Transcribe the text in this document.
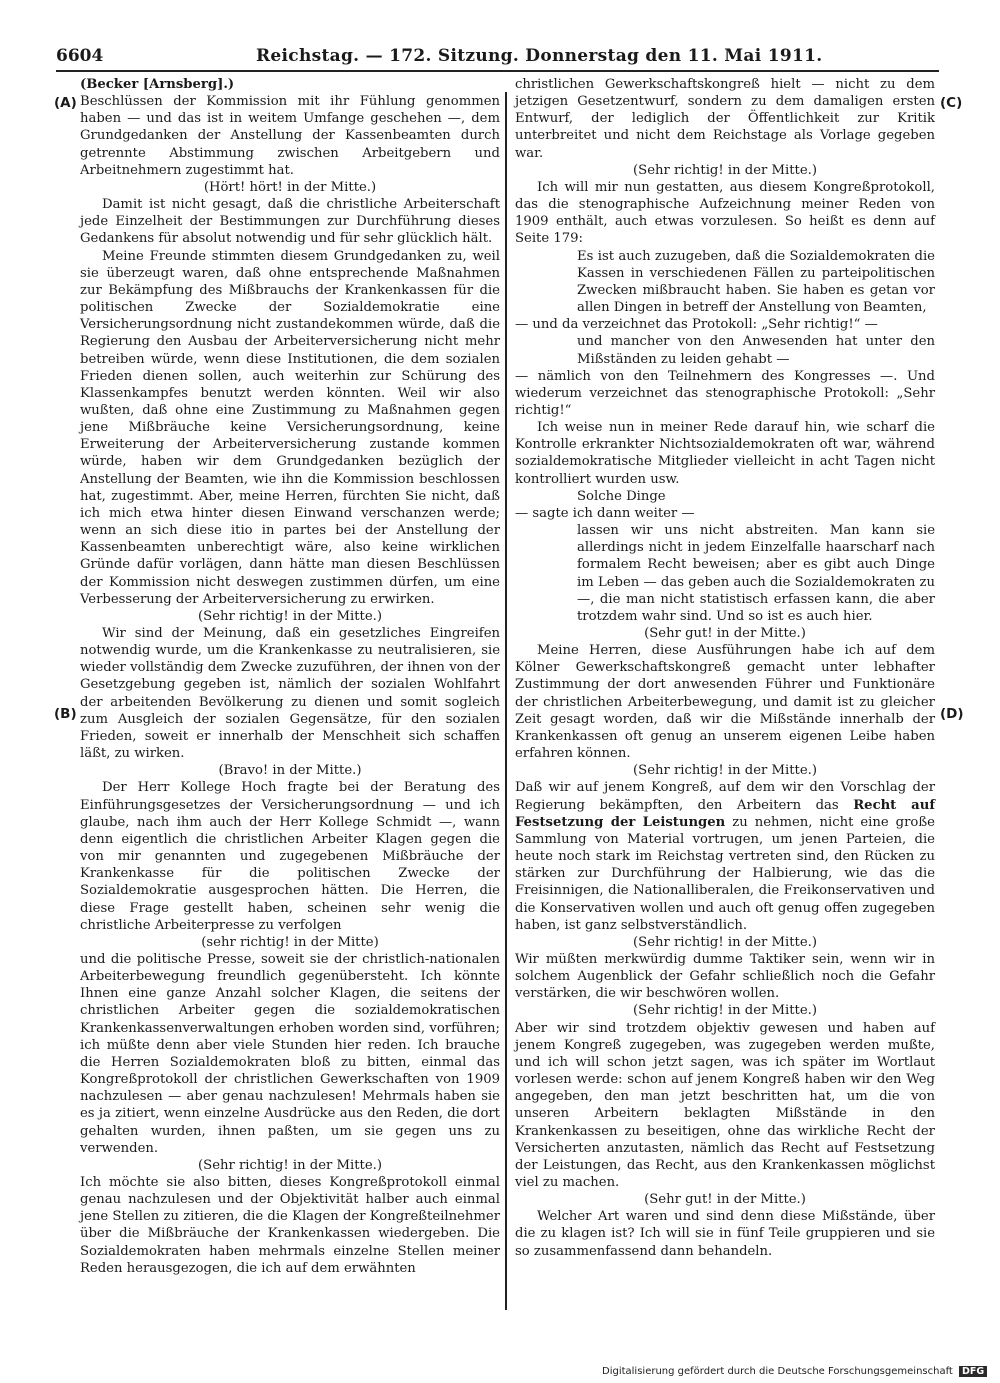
6604	Reichstag. — 172. Sitzung. Donnerstag den 11. Mai 1911.
(A)
(B)
(C)
(D)

(Becker [Arnsberg].)

Beschlüssen der Kommission mit ihr Fühlung genommen haben — und das ist in weitem Umfange geschehen —, dem Grundgedanken der Anstellung der Kassenbeamten durch getrennte Abstimmung zwischen Arbeitgebern und Arbeitnehmern zugestimmt hat.

(Hört! hört! in der Mitte.)

Damit ist nicht gesagt, daß die christliche Arbeiterschaft jede Einzelheit der Bestimmungen zur Durchführung dieses Gedankens für absolut notwendig und für sehr glücklich hält.

Meine Freunde stimmten diesem Grundgedanken zu, weil sie überzeugt waren, daß ohne entsprechende Maßnahmen zur Bekämpfung des Mißbrauchs der Krankenkassen für die politischen Zwecke der Sozialdemokratie eine Versicherungsordnung nicht zustandekommen würde, daß die Regierung den Ausbau der Arbeiterversicherung nicht mehr betreiben würde, wenn diese Institutionen, die dem sozialen Frieden dienen sollen, auch weiterhin zur Schürung des Klassenkampfes benutzt werden könnten. Weil wir also wußten, daß ohne eine Zustimmung zu Maßnahmen gegen jene Mißbräuche keine Versicherungsordnung, keine Erweiterung der Arbeiterversicherung zustande kommen würde, haben wir dem Grundgedanken bezüglich der Anstellung der Beamten, wie ihn die Kommission beschlossen hat, zugestimmt. Aber, meine Herren, fürchten Sie nicht, daß ich mich etwa hinter diesen Einwand verschanzen werde; wenn an sich diese itio in partes bei der Anstellung der Kassenbeamten unberechtigt wäre, also keine wirklichen Gründe dafür vorlägen, dann hätte man diesen Beschlüssen der Kommission nicht deswegen zustimmen dürfen, um eine Verbesserung der Arbeiterversicherung zu erwirken.

(Sehr richtig! in der Mitte.)

Wir sind der Meinung, daß ein gesetzliches Eingreifen notwendig wurde, um die Krankenkasse zu neutralisieren, sie wieder vollständig dem Zwecke zuzuführen, der ihnen von der Gesetzgebung gegeben ist, nämlich der sozialen Wohlfahrt der arbeitenden Bevölkerung zu dienen und somit sogleich zum Ausgleich der sozialen Gegensätze, für den sozialen Frieden, soweit er innerhalb der Menschheit sich schaffen läßt, zu wirken.

(Bravo! in der Mitte.)

Der Herr Kollege Hoch fragte bei der Beratung des Einführungsgesetzes der Versicherungsordnung — und ich glaube, nach ihm auch der Herr Kollege Schmidt —, wann denn eigentlich die christlichen Arbeiter Klagen gegen die von mir genannten und zugegebenen Mißbräuche der Krankenkasse für die politischen Zwecke der Sozialdemokratie ausgesprochen hätten. Die Herren, die diese Frage gestellt haben, scheinen sehr wenig die christliche Arbeiterpresse zu verfolgen

(sehr richtig! in der Mitte)

und die politische Presse, soweit sie der christlich-nationalen Arbeiterbewegung freundlich gegenübersteht. Ich könnte Ihnen eine ganze Anzahl solcher Klagen, die seitens der christlichen Arbeiter gegen die sozialdemokratischen Krankenkassenverwaltungen erhoben worden sind, vorführen; ich müßte denn aber viele Stunden hier reden. Ich brauche die Herren Sozialdemokraten bloß zu bitten, einmal das Kongreßprotokoll der christlichen Gewerkschaften von 1909 nachzulesen — aber genau nachzulesen! Mehrmals haben sie es ja zitiert, wenn einzelne Ausdrücke aus den Reden, die dort gehalten wurden, ihnen paßten, um sie gegen uns zu verwenden.

(Sehr richtig! in der Mitte.)

Ich möchte sie also bitten, dieses Kongreßprotokoll einmal genau nachzulesen und der Objektivität halber auch einmal jene Stellen zu zitieren, die die Klagen der Kongreßteilnehmer über die Mißbräuche der Krankenkassen wiedergeben. Die Sozialdemokraten haben mehrmals einzelne Stellen meiner Reden herausgezogen, die ich auf dem erwähnten

christlichen Gewerkschaftskongreß hielt — nicht zu dem jetzigen Gesetzentwurf, sondern zu dem damaligen ersten Entwurf, der lediglich der Öffentlichkeit zur Kritik unterbreitet und nicht dem Reichstage als Vorlage gegeben war.

(Sehr richtig! in der Mitte.)

Ich will mir nun gestatten, aus diesem Kongreßprotokoll, das die stenographische Aufzeichnung meiner Reden von 1909 enthält, auch etwas vorzulesen. So heißt es denn auf Seite 179:

Es ist auch zuzugeben, daß die Sozialdemokraten die Kassen in verschiedenen Fällen zu parteipolitischen Zwecken mißbraucht haben. Sie haben es getan vor allen Dingen in betreff der Anstellung von Beamten,

— und da verzeichnet das Protokoll: „Sehr richtig!“ —

und mancher von den Anwesenden hat unter den Mißständen zu leiden gehabt —

— nämlich von den Teilnehmern des Kongresses —. Und wiederum verzeichnet das stenographische Protokoll: „Sehr richtig!“

Ich weise nun in meiner Rede darauf hin, wie scharf die Kontrolle erkrankter Nichtsozialdemokraten oft war, während sozialdemokratische Mitglieder vielleicht in acht Tagen nicht kontrolliert wurden usw.

Solche Dinge

— sagte ich dann weiter —

lassen wir uns nicht abstreiten. Man kann sie allerdings nicht in jedem Einzelfalle haarscharf nach formalem Recht beweisen; aber es gibt auch Dinge im Leben — das geben auch die Sozialdemokraten zu —, die man nicht statistisch erfassen kann, die aber trotzdem wahr sind. Und so ist es auch hier.

(Sehr gut! in der Mitte.)

Meine Herren, diese Ausführungen habe ich auf dem Kölner Gewerkschaftskongreß gemacht unter lebhafter Zustimmung der dort anwesenden Führer und Funktionäre der christlichen Arbeiterbewegung, und damit ist zu gleicher Zeit gesagt worden, daß wir die Mißstände innerhalb der Krankenkassen oft genug an unserem eigenen Leibe haben erfahren können.

(Sehr richtig! in der Mitte.)

Daß wir auf jenem Kongreß, auf dem wir den Vorschlag der Regierung bekämpften, den Arbeitern das Recht auf Festsetzung der Leistungen zu nehmen, nicht eine große Sammlung von Material vortrugen, um jenen Parteien, die heute noch stark im Reichstag vertreten sind, den Rücken zu stärken zur Durchführung der Halbierung, wie das die Freisinnigen, die Nationalliberalen, die Freikonservativen und die Konservativen wollen und auch oft genug offen zugegeben haben, ist ganz selbstverständlich.

(Sehr richtig! in der Mitte.)

Wir müßten merkwürdig dumme Taktiker sein, wenn wir in solchem Augenblick der Gefahr schließlich noch die Gefahr verstärken, die wir beschwören wollen.

(Sehr richtig! in der Mitte.)

Aber wir sind trotzdem objektiv gewesen und haben auf jenem Kongreß zugegeben, was zugegeben werden mußte, und ich will schon jetzt sagen, was ich später im Wortlaut vorlesen werde: schon auf jenem Kongreß haben wir den Weg angegeben, den man jetzt beschritten hat, um die von unseren Arbeitern beklagten Mißstände in den Krankenkassen zu beseitigen, ohne das wirkliche Recht der Versicherten anzutasten, nämlich das Recht auf Festsetzung der Leistungen, das Recht, aus den Krankenkassen möglichst viel zu machen.

(Sehr gut! in der Mitte.)

Welcher Art waren und sind denn diese Mißstände, über die zu klagen ist? Ich will sie in fünf Teile gruppieren und sie so zusammenfassend dann behandeln.

Digitalisierung gefördert durch die Deutsche Forschungsgemeinschaft DFG
